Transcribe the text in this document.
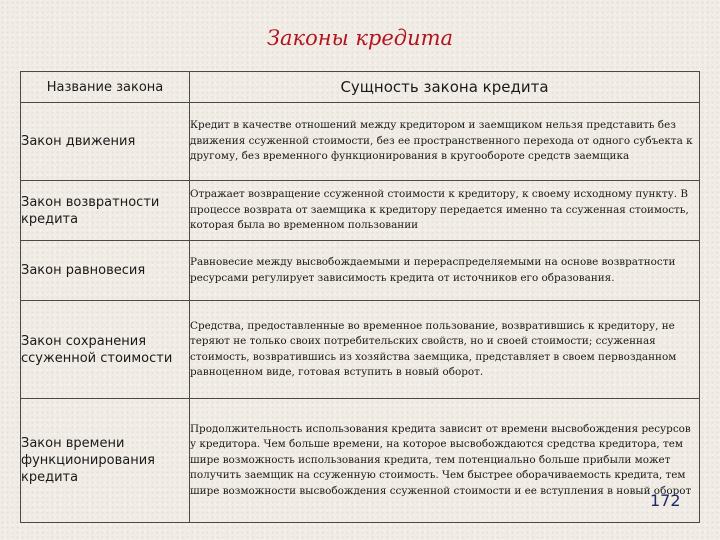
Законы кредита
Название закона	Сущность закона кредита
Закон движения	Кредит в качестве отношений между кредитором и заемщиком нельзя представить без движения ссуженной стоимости, без ее пространственного перехода от одного субъекта к другому, без временного функционирования в кругообороте средств заемщика
Закон возвратности кредита	Отражает возвращение ссуженной стоимости к кредитору, к своему исходному пункту. В процессе возврата от заемщика к кредитору передается именно та ссуженная стоимость, которая была во временном пользовании
Закон равновесия	Равновесие между высвобождаемыми и перераспределяемыми на основе возвратности ресурсами регулирует зависимость кредита от источников его образования.
Закон сохранения ссуженной стоимости	Средства, предоставленные во временное пользование, возвратившись к кредитору, не теряют не только своих потребительских свойств, но и своей стоимости; ссуженная стоимость, возвратившись из хозяйства заемщика, представляет в своем первозданном равноценном виде, готовая вступить в новый оборот.
Закон времени функционирования кредита	Продолжительность использования кредита зависит от времени высвобождения ресурсов у кредитора. Чем больше времени, на которое высвобождаются средства кредитора, тем шире возможность использования кредита, тем потенциально больше прибыли может получить заемщик на ссуженную стоимость. Чем быстрее оборачиваемость кредита, тем шире возможности высвобождения ссуженной стоимости и ее вступления в новый оборот
172
